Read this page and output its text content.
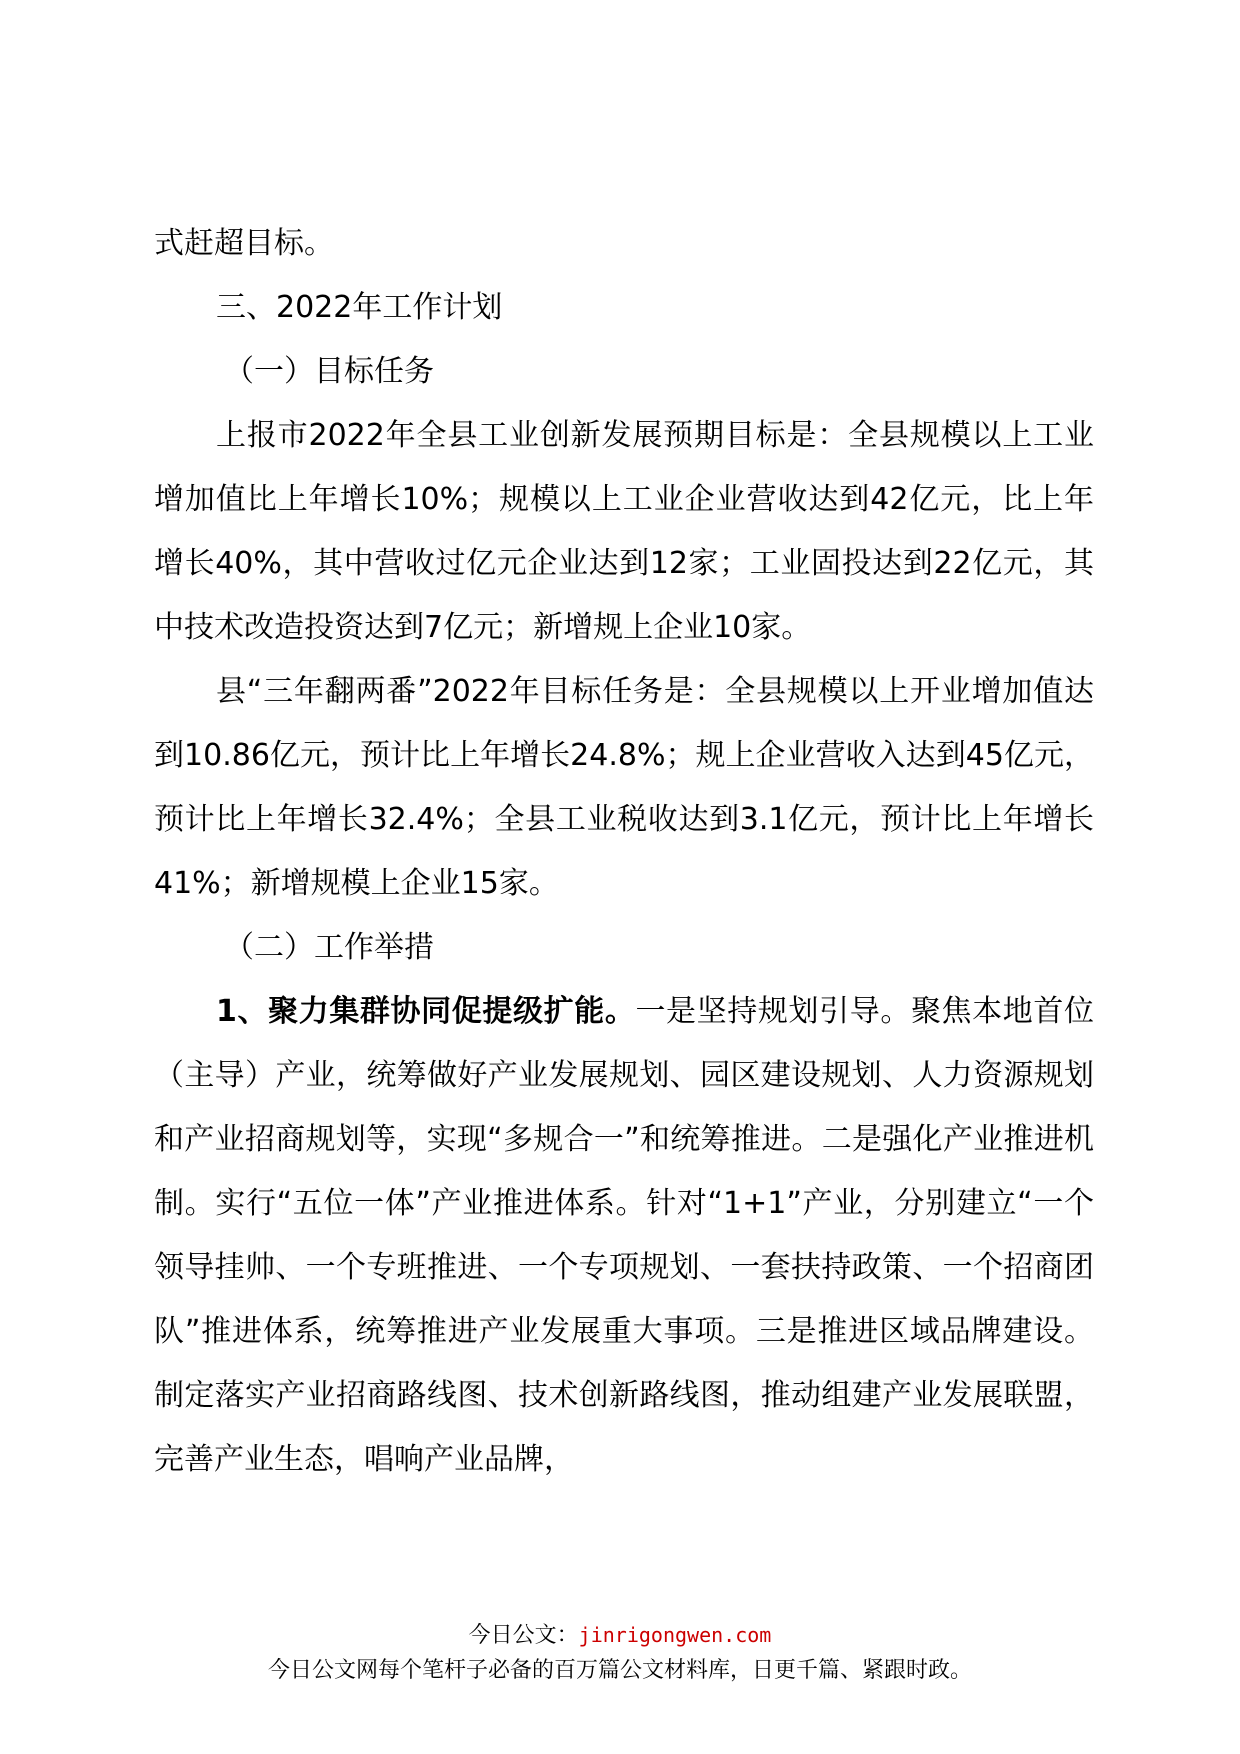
式赶超目标。
三、2022年工作计划
（一）目标任务

上报市2022年全县工业创新发展预期目标是：全县规模以上工业增加值比上年增长10%；规模以上工业企业营收达到42亿元，比上年增长40%，其中营收过亿元企业达到12家；工业固投达到22亿元，其中技术改造投资达到7亿元；新增规上企业10家。

县“三年翻两番”2022年目标任务是：全县规模以上开业增加值达到10.86亿元，预计比上年增长24.8%；规上企业营收入达到45亿元，预计比上年增长32.4%；全县工业税收达到3.1亿元，预计比上年增长41%；新增规模上企业15家。

（二）工作举措

1、聚力集群协同促提级扩能。一是坚持规划引导。聚焦本地首位（主导）产业，统筹做好产业发展规划、园区建设规划、人力资源规划和产业招商规划等，实现“多规合一”和统筹推进。二是强化产业推进机制。实行“五位一体”产业推进体系。针对“1+1”产业，分别建立“一个领导挂帅、一个专班推进、一个专项规划、一套扶持政策、一个招商团队”推进体系，统筹推进产业发展重大事项。三是推进区域品牌建设。制定落实产业招商路线图、技术创新路线图，推动组建产业发展联盟，完善产业生态，唱响产业品牌，

今日公文：jinrigongwen.com
今日公文网每个笔杆子必备的百万篇公文材料库，日更千篇、紧跟时政。
